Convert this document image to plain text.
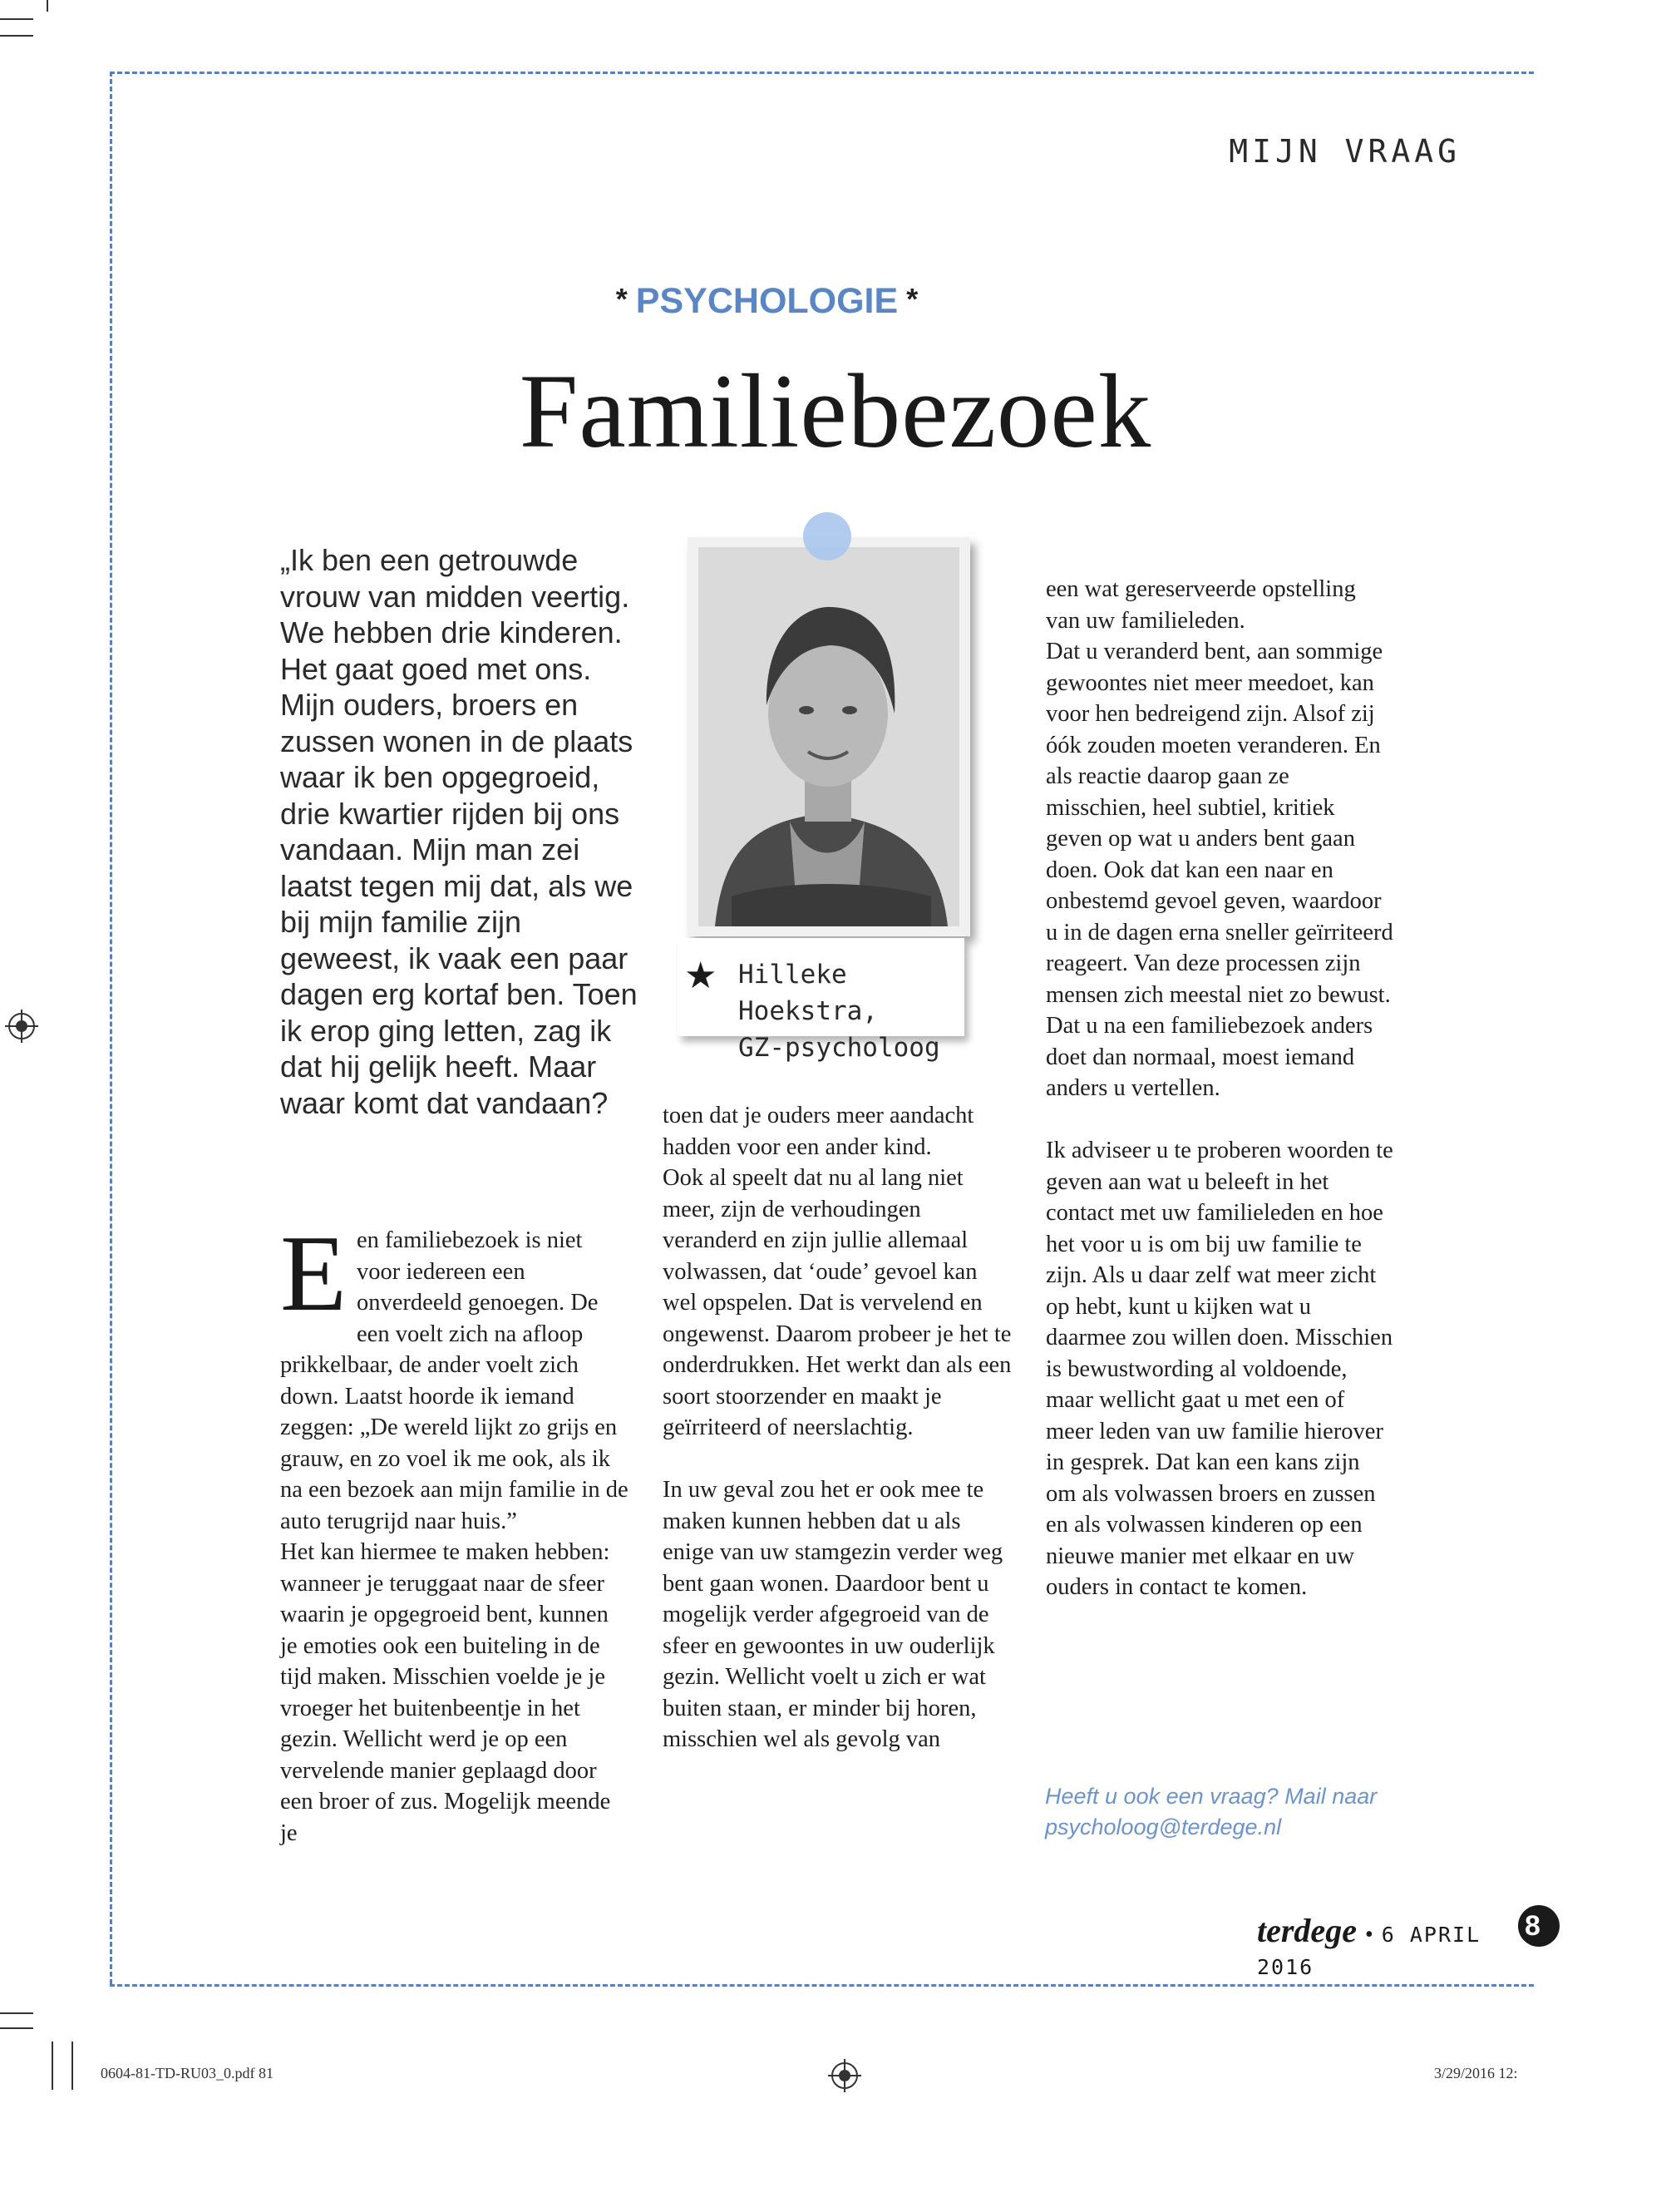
MIJN VRAAG
* PSYCHOLOGIE *
Familiebezoek

„Ik ben een getrouwde vrouw van midden veertig. We hebben drie kinderen. Het gaat goed met ons. Mijn ouders, broers en zussen wonen in de plaats waar ik ben opgegroeid, drie kwartier rijden bij ons vandaan. Mijn man zei laatst tegen mij dat, als we bij mijn familie zijn geweest, ik vaak een paar dagen erg kortaf ben. Toen ik erop ging letten, zag ik dat hij gelijk heeft. Maar waar komt dat vandaan?

★ Hilleke Hoekstra,
GZ-psycholoog

Een familiebezoek is niet voor iedereen een onverdeeld genoegen. De een voelt zich na afloop prikkelbaar, de ander voelt zich down. Laatst hoorde ik iemand zeggen: „De wereld lijkt zo grijs en grauw, en zo voel ik me ook, als ik na een bezoek aan mijn familie in de auto terugrijd naar huis.”

Het kan hiermee te maken hebben: wanneer je teruggaat naar de sfeer waarin je opgegroeid bent, kunnen je emoties ook een buiteling in de tijd maken. Misschien voelde je je vroeger het buitenbeentje in het gezin. Wellicht werd je op een vervelende manier geplaagd door een broer of zus. Mogelijk meende je

toen dat je ouders meer aandacht hadden voor een ander kind.

Ook al speelt dat nu al lang niet meer, zijn de verhoudingen veranderd en zijn jullie allemaal volwassen, dat ‘oude’ gevoel kan wel opspelen. Dat is vervelend en ongewenst. Daarom probeer je het te onderdrukken. Het werkt dan als een soort stoorzender en maakt je geïrriteerd of neerslachtig.

In uw geval zou het er ook mee te maken kunnen hebben dat u als enige van uw stamgezin verder weg bent gaan wonen. Daardoor bent u mogelijk verder afgegroeid van de sfeer en gewoontes in uw ouderlijk gezin. Wellicht voelt u zich er wat buiten staan, er minder bij horen, misschien wel als gevolg van

een wat gereserveerde opstelling van uw familieleden.

Dat u veranderd bent, aan sommige gewoontes niet meer meedoet, kan voor hen bedreigend zijn. Alsof zij óók zouden moeten veranderen. En als reactie daarop gaan ze misschien, heel subtiel, kritiek geven op wat u anders bent gaan doen. Ook dat kan een naar en onbestemd gevoel geven, waardoor u in de dagen erna sneller geïrriteerd reageert. Van deze processen zijn mensen zich meestal niet zo bewust. Dat u na een familiebezoek anders doet dan normaal, moest iemand anders u vertellen.

Ik adviseer u te proberen woorden te geven aan wat u beleeft in het contact met uw familieleden en hoe het voor u is om bij uw familie te zijn. Als u daar zelf wat meer zicht op hebt, kunt u kijken wat u daarmee zou willen doen. Misschien is bewustwording al voldoende, maar wellicht gaat u met een of meer leden van uw familie hierover in gesprek. Dat kan een kans zijn om als volwassen broers en zussen en als volwassen kinderen op een nieuwe manier met elkaar en uw ouders in contact te komen.

Heeft u ook een vraag? Mail naar
psycholoog@terdege.nl
terdege • 6 APRIL 2016
8
0604-81-TD-RU03_0.pdf 81	3/29/2016 12:
